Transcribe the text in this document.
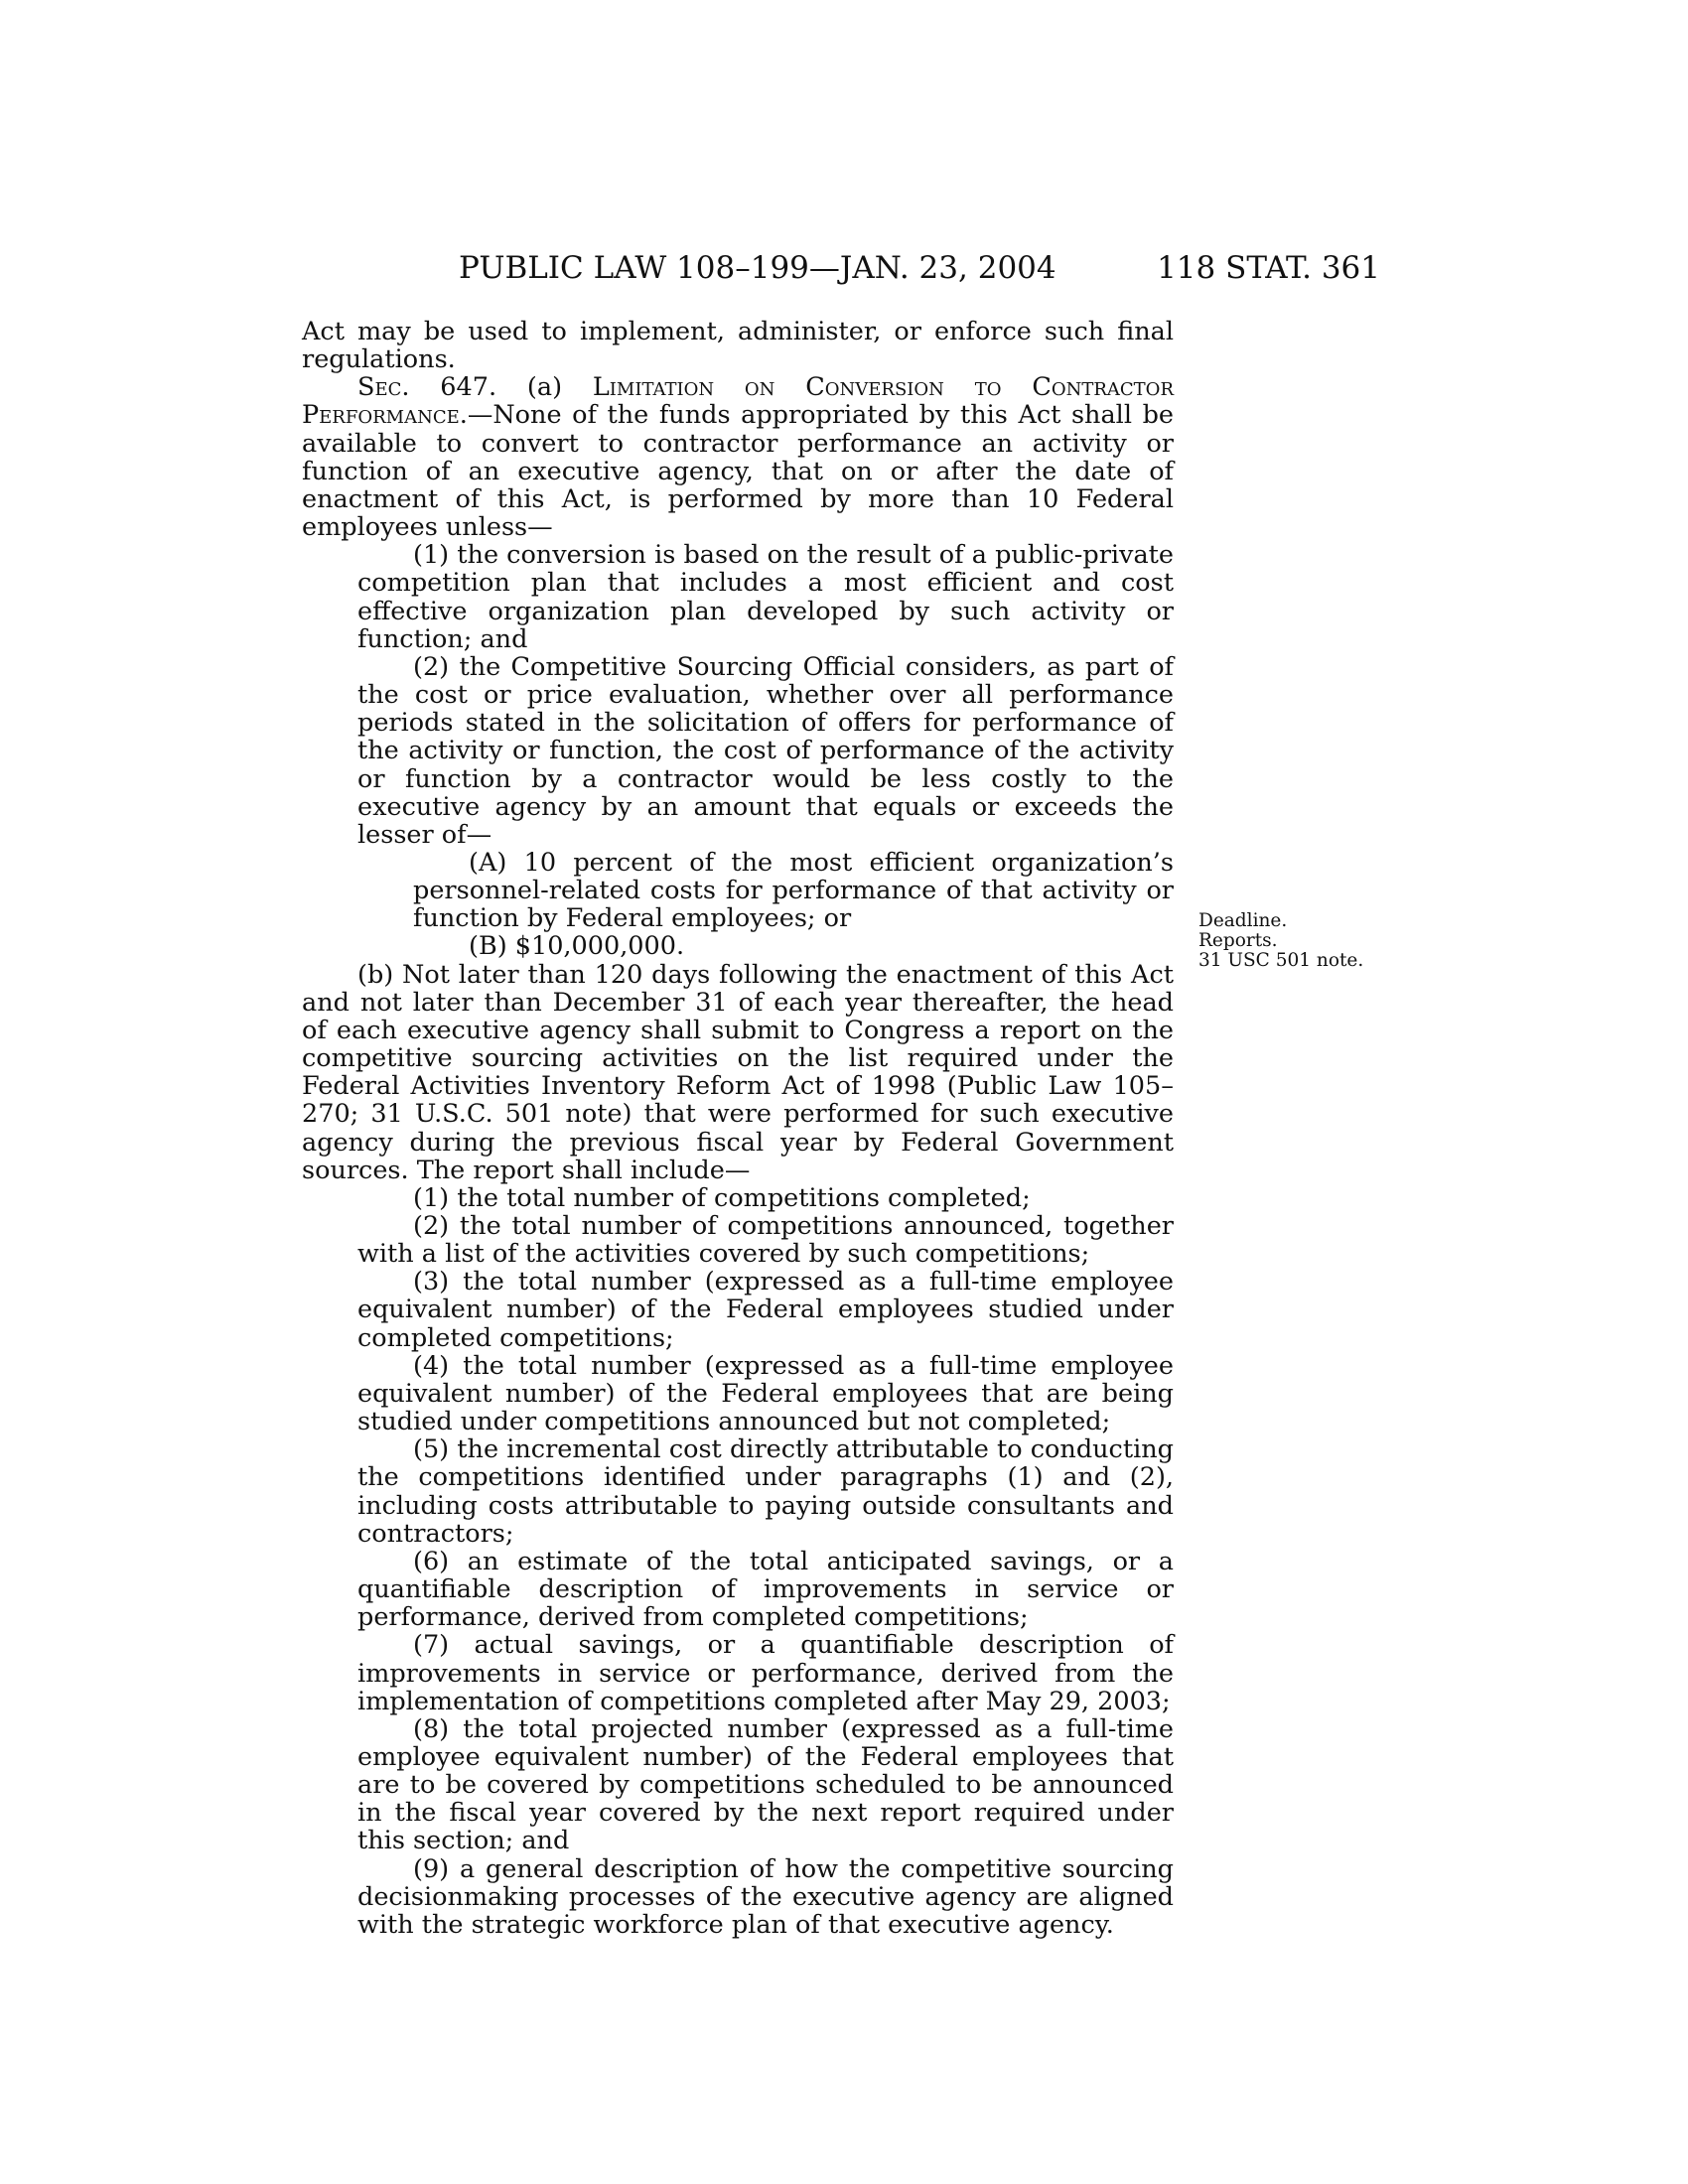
PUBLIC LAW 108–199—JAN. 23, 2004	118 STAT. 361

Act may be used to implement, administer, or enforce such final regulations.

Sec. 647. (a) Limitation on Conversion to Contractor Performance.—None of the funds appropriated by this Act shall be available to convert to contractor performance an activity or function of an executive agency, that on or after the date of enactment of this Act, is performed by more than 10 Federal employees unless—

(1) the conversion is based on the result of a public-private competition plan that includes a most efficient and cost effective organization plan developed by such activity or function; and

(2) the Competitive Sourcing Official considers, as part of the cost or price evaluation, whether over all performance periods stated in the solicitation of offers for performance of the activity or function, the cost of performance of the activity or function by a contractor would be less costly to the executive agency by an amount that equals or exceeds the lesser of—

(A) 10 percent of the most efficient organization’s personnel-related costs for performance of that activity or function by Federal employees; or

(B) $10,000,000.

(b) Not later than 120 days following the enactment of this Act and not later than December 31 of each year thereafter, the head of each executive agency shall submit to Congress a report on the competitive sourcing activities on the list required under the Federal Activities Inventory Reform Act of 1998 (Public Law 105–270; 31 U.S.C. 501 note) that were performed for such executive agency during the previous fiscal year by Federal Government sources. The report shall include—

(1) the total number of competitions completed;

(2) the total number of competitions announced, together with a list of the activities covered by such competitions;

(3) the total number (expressed as a full-time employee equivalent number) of the Federal employees studied under completed competitions;

(4) the total number (expressed as a full-time employee equivalent number) of the Federal employees that are being studied under competitions announced but not completed;

(5) the incremental cost directly attributable to conducting the competitions identified under paragraphs (1) and (2), including costs attributable to paying outside consultants and contractors;

(6) an estimate of the total anticipated savings, or a quantifiable description of improvements in service or performance, derived from completed competitions;

(7) actual savings, or a quantifiable description of improvements in service or performance, derived from the implementation of competitions completed after May 29, 2003;

(8) the total projected number (expressed as a full-time employee equivalent number) of the Federal employees that are to be covered by competitions scheduled to be announced in the fiscal year covered by the next report required under this section; and

(9) a general description of how the competitive sourcing decisionmaking processes of the executive agency are aligned with the strategic workforce plan of that executive agency.

Deadline.
Reports.
31 USC 501 note.
